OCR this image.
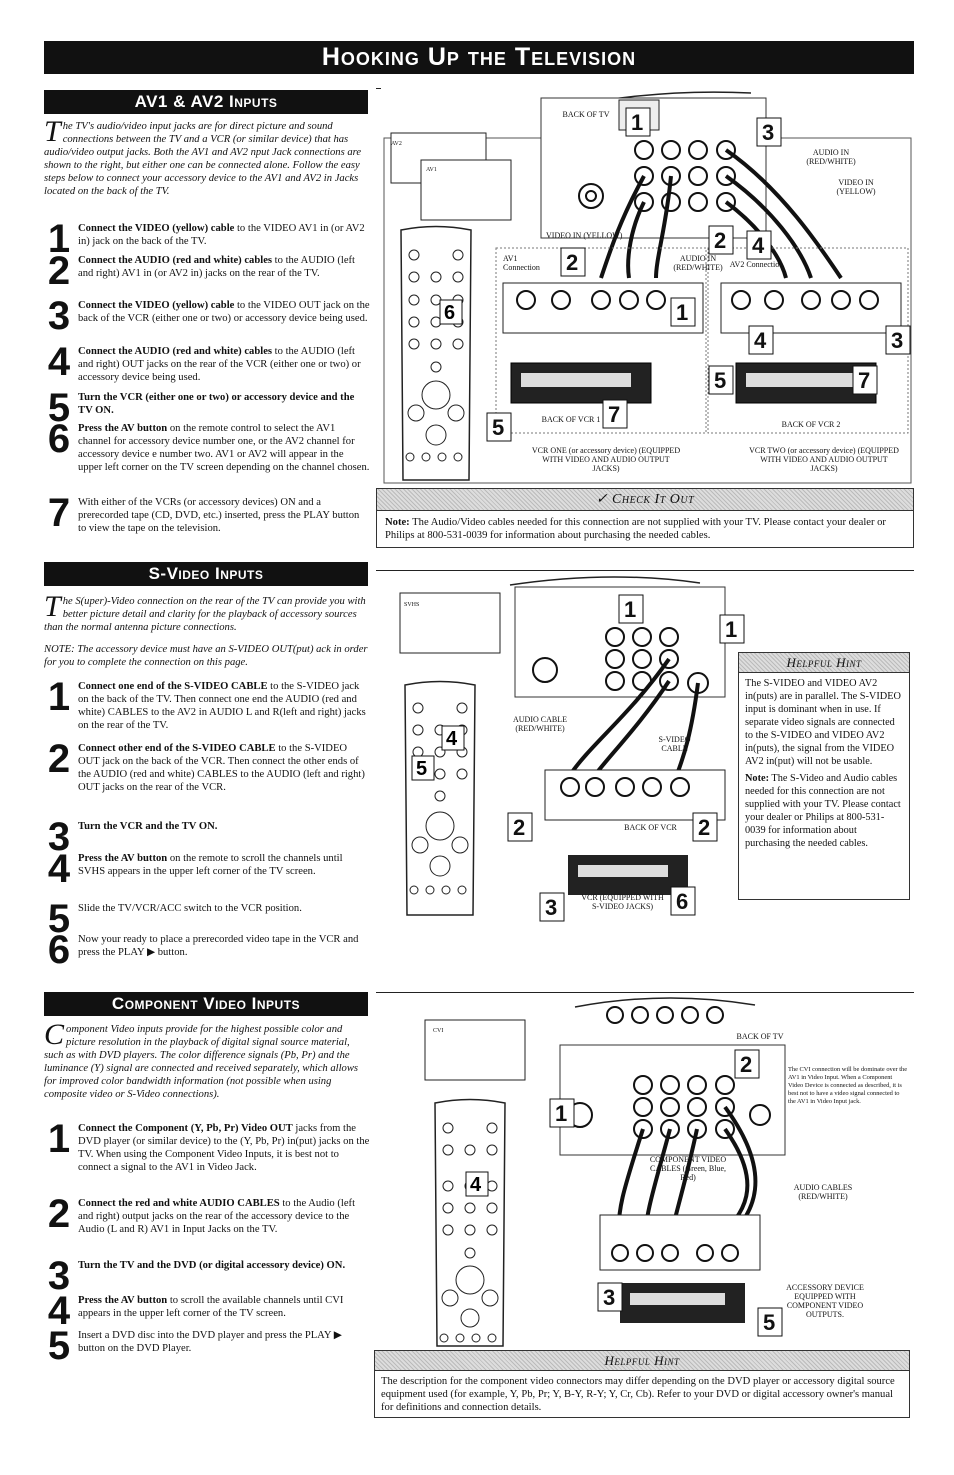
Hooking Up the Television
AV1 & AV2 Inputs
The TV's audio/video input jacks are for direct picture and sound connections between the TV and a VCR (or similar device) that has audio/video output jacks. Both the AV1 and AV2 nput Jack connections are shown to the right, but either one can be connected alone. Follow the easy steps below to connect your accessory device to the AV1 and AV2 in Jacks located on the back of the TV.
1 Connect the VIDEO (yellow) cable to the VIDEO AV1 in (or AV2 in) jack on the back of the TV.
2 Connect the AUDIO (red and white) cables to the AUDIO (left and right) AV1 in (or AV2 in) jacks on the rear of the TV.
3 Connect the VIDEO (yellow) cable to the VIDEO OUT jack on the back of the VCR (either one or two) or accessory device being used.
4 Connect the AUDIO (red and white) cables to the AUDIO (left and right) OUT jacks on the rear of the VCR (either one or two) or accessory device being used.
5 Turn the VCR (either one or two) or accessory device and the TV ON.
6 Press the AV button on the remote control to select the AV1 channel for accessory device number one, or the AV2 channel for accessory device e number two. AV1 or AV2 will appear in the upper left corner on the TV screen depending on the channel chosen.
7 With either of the VCRs (or accessory devices) ON and a prerecorded tape (CD, DVD, etc.) inserted, press the PLAY button to view the tape on the television.
1	3
2
2 4
1
4	3
5	7
5
7
AV2
AV1
BACK OF TV
AUDIO IN (RED/WHITE)
VIDEO IN (YELLOW)
VIDEO IN (YELLOW)
AV1 Connection	AV2 Connection
AUDIO IN (RED/WHITE)
BACK OF VCR 1
BACK OF VCR 2
VCR ONE (or accessory device) (EQUIPPED WITH VIDEO AND AUDIO OUTPUT JACKS)
VCR TWO (or accessory device) (EQUIPPED WITH VIDEO AND AUDIO OUTPUT JACKS)
6
✓ Check It Out
Note: The Audio/Video cables needed for this connection are not supplied with your TV. Please contact your dealer or Philips at 800-531-0039 for information about purchasing the needed cables.
S-Video Inputs
The S(uper)-Video connection on the rear of the TV can provide you with better picture detail and clarity for the playback of accessory sources than the normal antenna picture connections.
NOTE: The accessory device must have an S-VIDEO OUT(put) ack in order for you to complete the connection on this page.
1 Connect one end of the S-VIDEO CABLE to the S-VIDEO jack on the back of the TV. Then connect one end the AUDIO (red and white) CABLES to the AV2 in AUDIO L and R(left and right) jacks on the rear of the TV.
2 Connect other end of the S-VIDEO CABLE to the S-VIDEO OUT jack on the back of the VCR. Then connect the other ends of the AUDIO (red and white) CABLES to the AUDIO (left and right) OUT jacks on the rear of the VCR.
3 Turn the VCR and the TV ON.
4 Press the AV button on the remote to scroll the channels until SVHS appears in the upper left corner of the TV screen.
5 Slide the TV/VCR/ACC switch to the VCR position.
6 Now your ready to place a prerecorded video tape in the VCR and press the PLAY ▶ button.
1
1
2	2
3	6
SVHS
AUDIO CABLE (RED/WHITE)
S-VIDEO CABLE
BACK OF VCR
VCR (EQUIPPED WITH S-VIDEO JACKS)
4
5
Helpful Hint

The S-VIDEO and VIDEO AV2 in(puts) are in parallel. The S-VIDEO input is dominant when in use. If separate video signals are connected to the S-VIDEO and VIDEO AV2 in(puts), the signal from the VIDEO AV2 in(put) will not be usable.

Note: The S-Video and Audio cables needed for this connection are not supplied with your TV. Please contact your dealer or Philips at 800-531-0039 for information about purchasing the needed cables.

Component Video Inputs
Component Video inputs provide for the highest possible color and picture resolution in the playback of digital signal source material, such as with DVD players. The color difference signals (Pb, Pr) and the luminance (Y) signal are connected and received separately, which allows for improved color bandwidth information (not possible when using composite video or S-Video connections).
1 Connect the Component (Y, Pb, Pr) Video OUT jacks from the DVD player (or similar device) to the (Y, Pb, Pr) in(put) jacks on the TV. When using the Component Video Inputs, it is best not to connect a signal to the AV1 in Video Jack.
2 Connect the red and white AUDIO CABLES to the Audio (left and right) output jacks on the rear of the accessory device to the Audio (L and R) AV1 in Input Jacks on the TV.
3 Turn the TV and the DVD (or digital accessory device) ON.
4 Press the AV button to scroll the available channels until CVI appears in the upper left corner of the TV screen.
5 Insert a DVD disc into the DVD player and press the PLAY ▶ button on the DVD Player.
2
1
3
5
CVI
BACK OF TV
COMPONENT VIDEO CABLES (Green, Blue, Red)
AUDIO CABLES (RED/WHITE)
ACCESSORY DEVICE EQUIPPED WITH COMPONENT VIDEO OUTPUTS.
The CVI connection will be dominate over the AV1 in Video Input. When a Component Video Device is connected as described, it is best not to have a video signal connected to the AV1 in Video Input jack.
4
Helpful Hint
The description for the component video connectors may differ depending on the DVD player or accessory digital source equipment used (for example, Y, Pb, Pr; Y, B-Y, R-Y; Y, Cr, Cb). Refer to your DVD or digital accessory owner's manual for definitions and connection details.
